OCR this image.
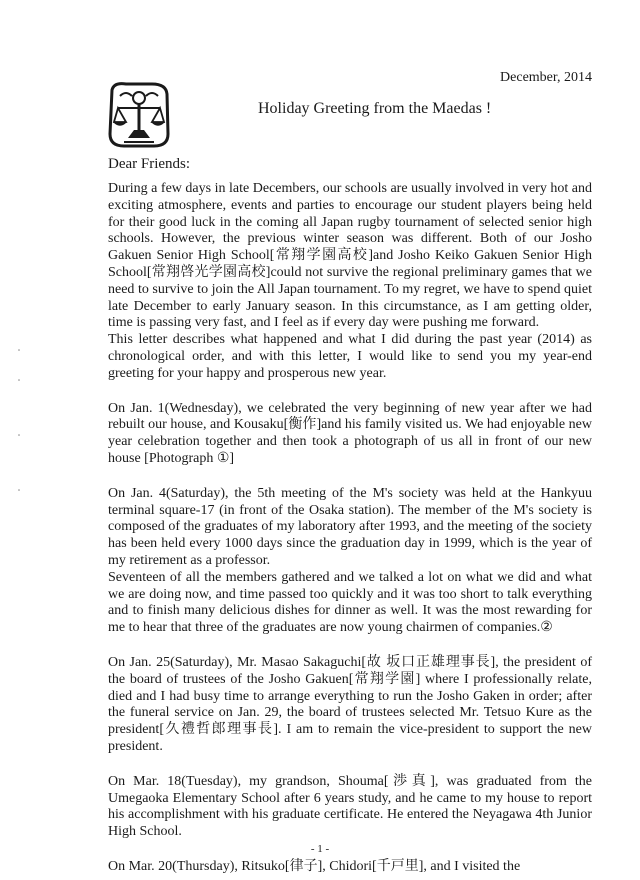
December, 2014
Holiday Greeting from the Maedas !
Dear Friends:

During a few days in late Decembers, our schools are usually involved in very hot and exciting atmosphere, events and parties to encourage our student players being held for their good luck in the coming all Japan rugby tournament of selected senior high schools. However, the previous winter season was different. Both of our Josho Gakuen Senior High School[常翔学園高校]and Josho Keiko Gakuen Senior High School[常翔啓光学園高校]could not survive the regional preliminary games that we need to survive to join the All Japan tournament. To my regret, we have to spend quiet late December to early January season. In this circumstance, as I am getting older, time is passing very fast, and I feel as if every day were pushing me forward.

This letter describes what happened and what I did during the past year (2014) as chronological order, and with this letter, I would like to send you my year-end greeting for your happy and prosperous new year.

On Jan. 1(Wednesday), we celebrated the very beginning of new year after we had rebuilt our house, and Kousaku[衡作]and his family visited us. We had enjoyable new year celebration together and then took a photograph of us all in front of our new house [Photograph ①]

On Jan. 4(Saturday), the 5th meeting of the M's society was held at the Hankyuu terminal square-17 (in front of the Osaka station). The member of the M's society is composed of the graduates of my laboratory after 1993, and the meeting of the society has been held every 1000 days since the graduation day in 1999, which is the year of my retirement as a professor.

Seventeen of all the members gathered and we talked a lot on what we did and what we are doing now, and time passed too quickly and it was too short to talk everything and to finish many delicious dishes for dinner as well. It was the most rewarding for me to hear that three of the graduates are now young chairmen of companies.②

On Jan. 25(Saturday), Mr. Masao Sakaguchi[故 坂口正雄理事長], the president of the board of trustees of the Josho Gakuen[常翔学園] where I professionally relate, died and I had busy time to arrange everything to run the Josho Gaken in order; after the funeral service on Jan. 29, the board of trustees selected Mr. Tetsuo Kure as the president[久禮哲郎理事長]. I am to remain the vice-president to support the new president.

On Mar. 18(Tuesday), my grandson, Shouma[渉真], was graduated from the Umegaoka Elementary School after 6 years study, and he came to my house to report his accomplishment with his graduate certificate. He entered the Neyagawa 4th Junior High School.

On Mar. 20(Thursday), Ritsuko[律子], Chidori[千戸里], and I visited the

- 1 -
